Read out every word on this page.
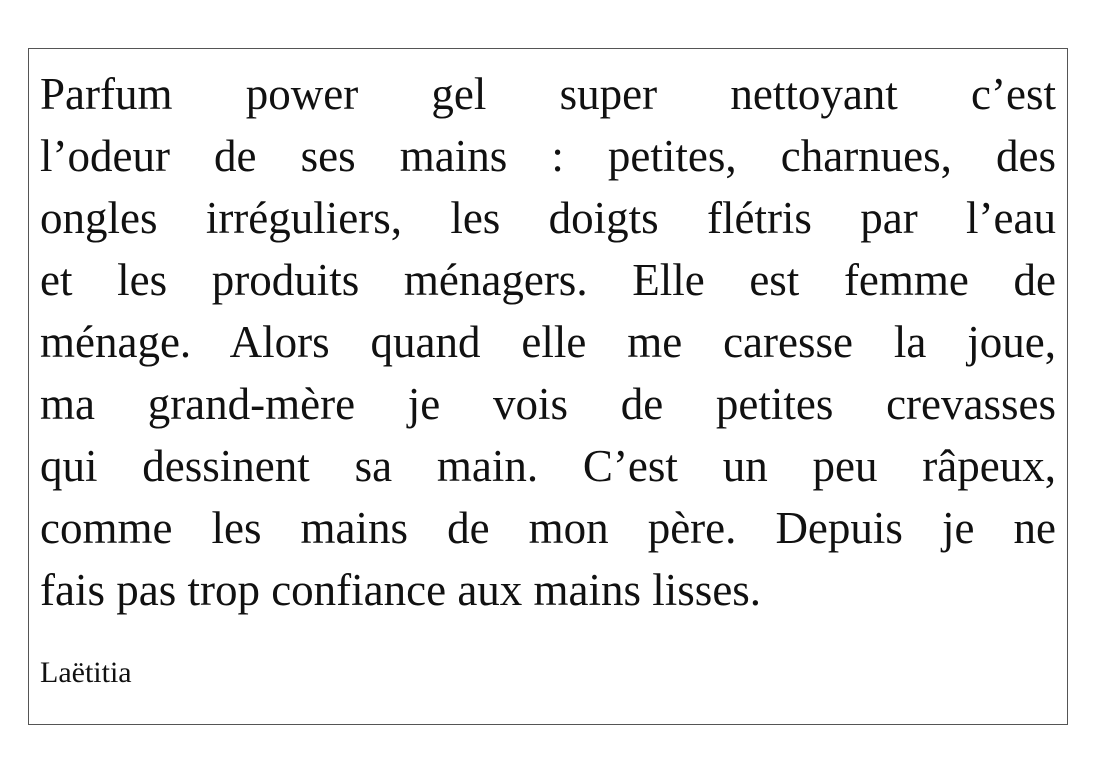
Parfum power gel super nettoyant c’est
l’odeur de ses mains : petites, charnues, des
ongles irréguliers, les doigts flétris par l’eau
et les produits ménagers. Elle est femme de
ménage. Alors quand elle me caresse la joue,
ma grand-mère je vois de petites crevasses
qui dessinent sa main. C’est un peu râpeux,
comme les mains de mon père. Depuis je ne
fais pas trop confiance aux mains lisses.

Laëtitia
